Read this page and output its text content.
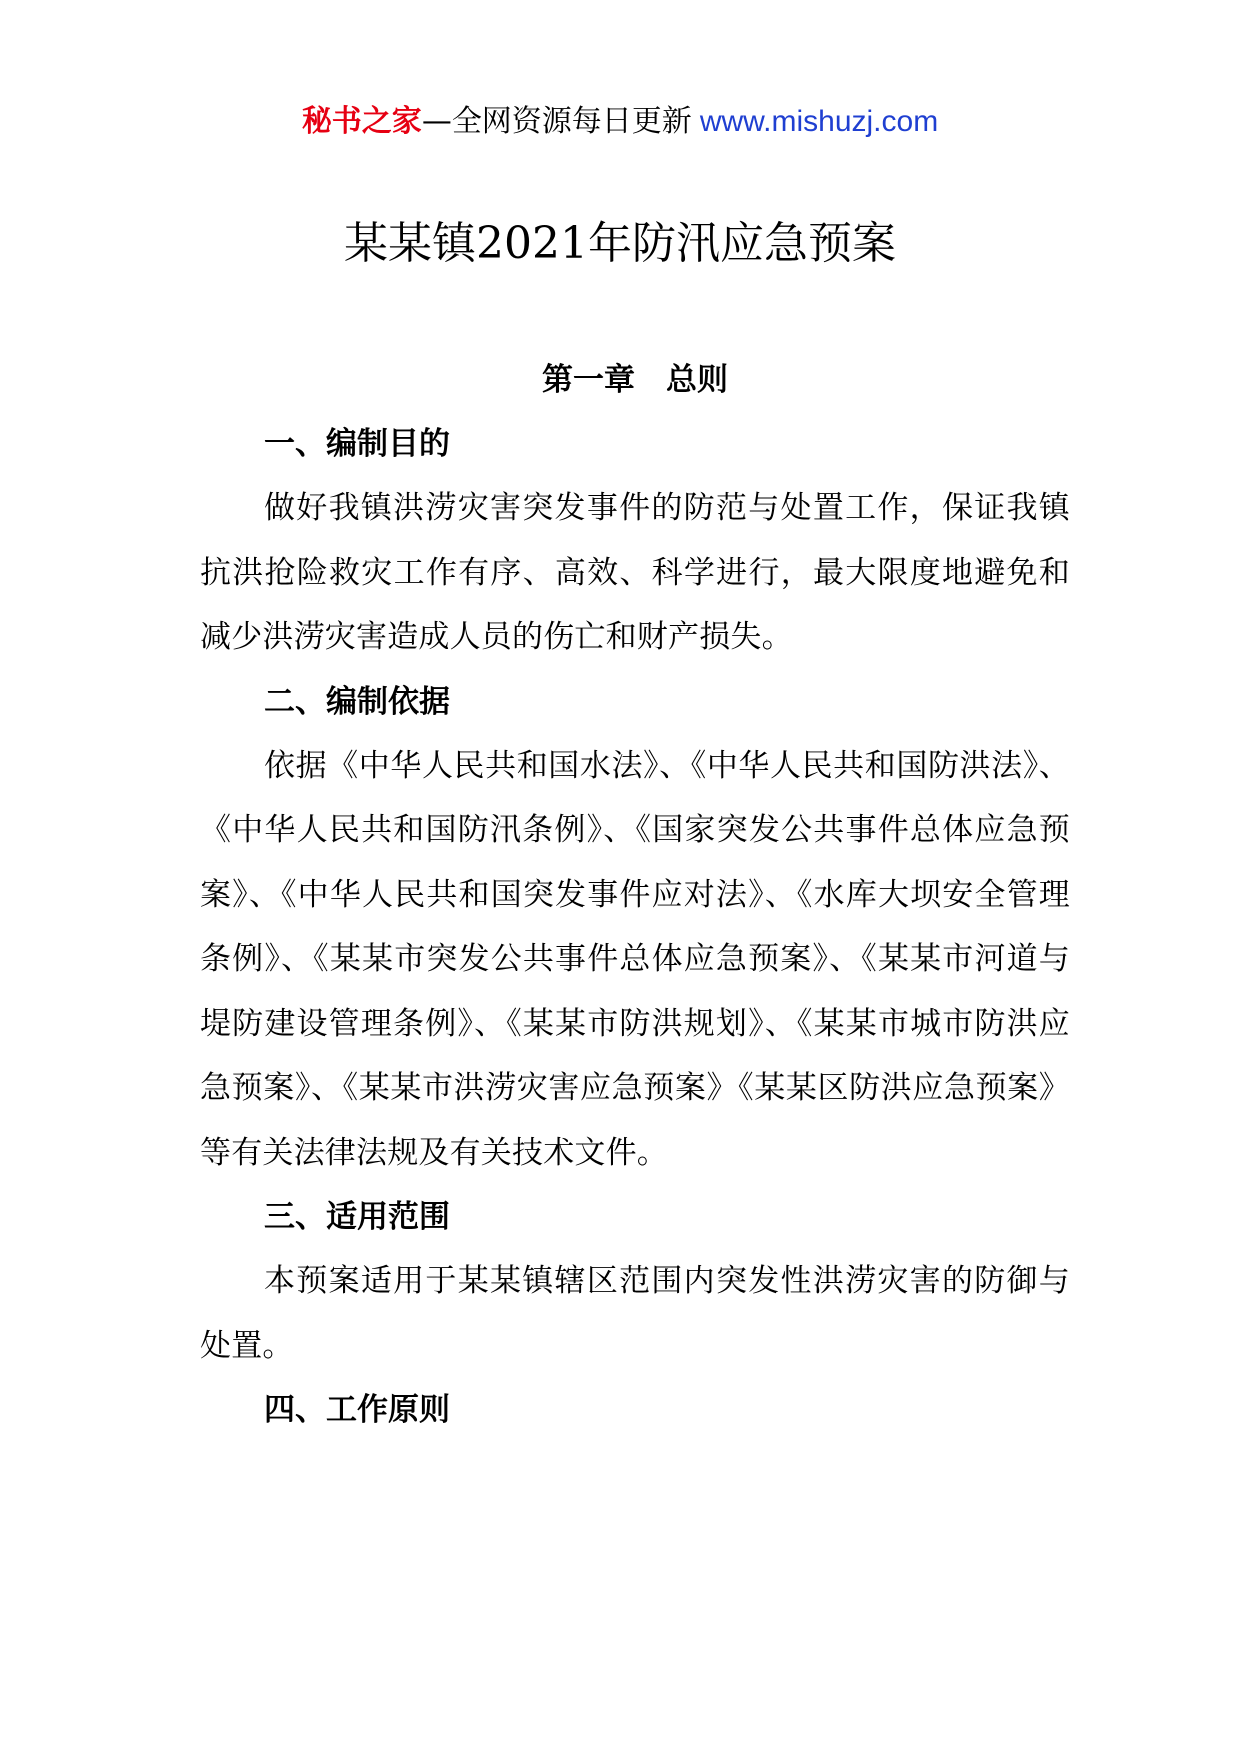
秘书之家—全网资源每日更新 www.mishuzj.com
某某镇2021年防汛应急预案
第一章　总则
一、编制目的

做好我镇洪涝灾害突发事件的防范与处置工作，保证我镇抗洪抢险救灾工作有序、高效、科学进行，最大限度地避免和减少洪涝灾害造成人员的伤亡和财产损失。

二、编制依据

依据《中华人民共和国水法》、《中华人民共和国防洪法》、《中华人民共和国防汛条例》、《国家突发公共事件总体应急预案》、《中华人民共和国突发事件应对法》、《水库大坝安全管理条例》、《某某市突发公共事件总体应急预案》、《某某市河道与堤防建设管理条例》、《某某市防洪规划》、《某某市城市防洪应急预案》、《某某市洪涝灾害应急预案》《某某区防洪应急预案》等有关法律法规及有关技术文件。

三、适用范围

本预案适用于某某镇辖区范围内突发性洪涝灾害的防御与处置。

四、工作原则
